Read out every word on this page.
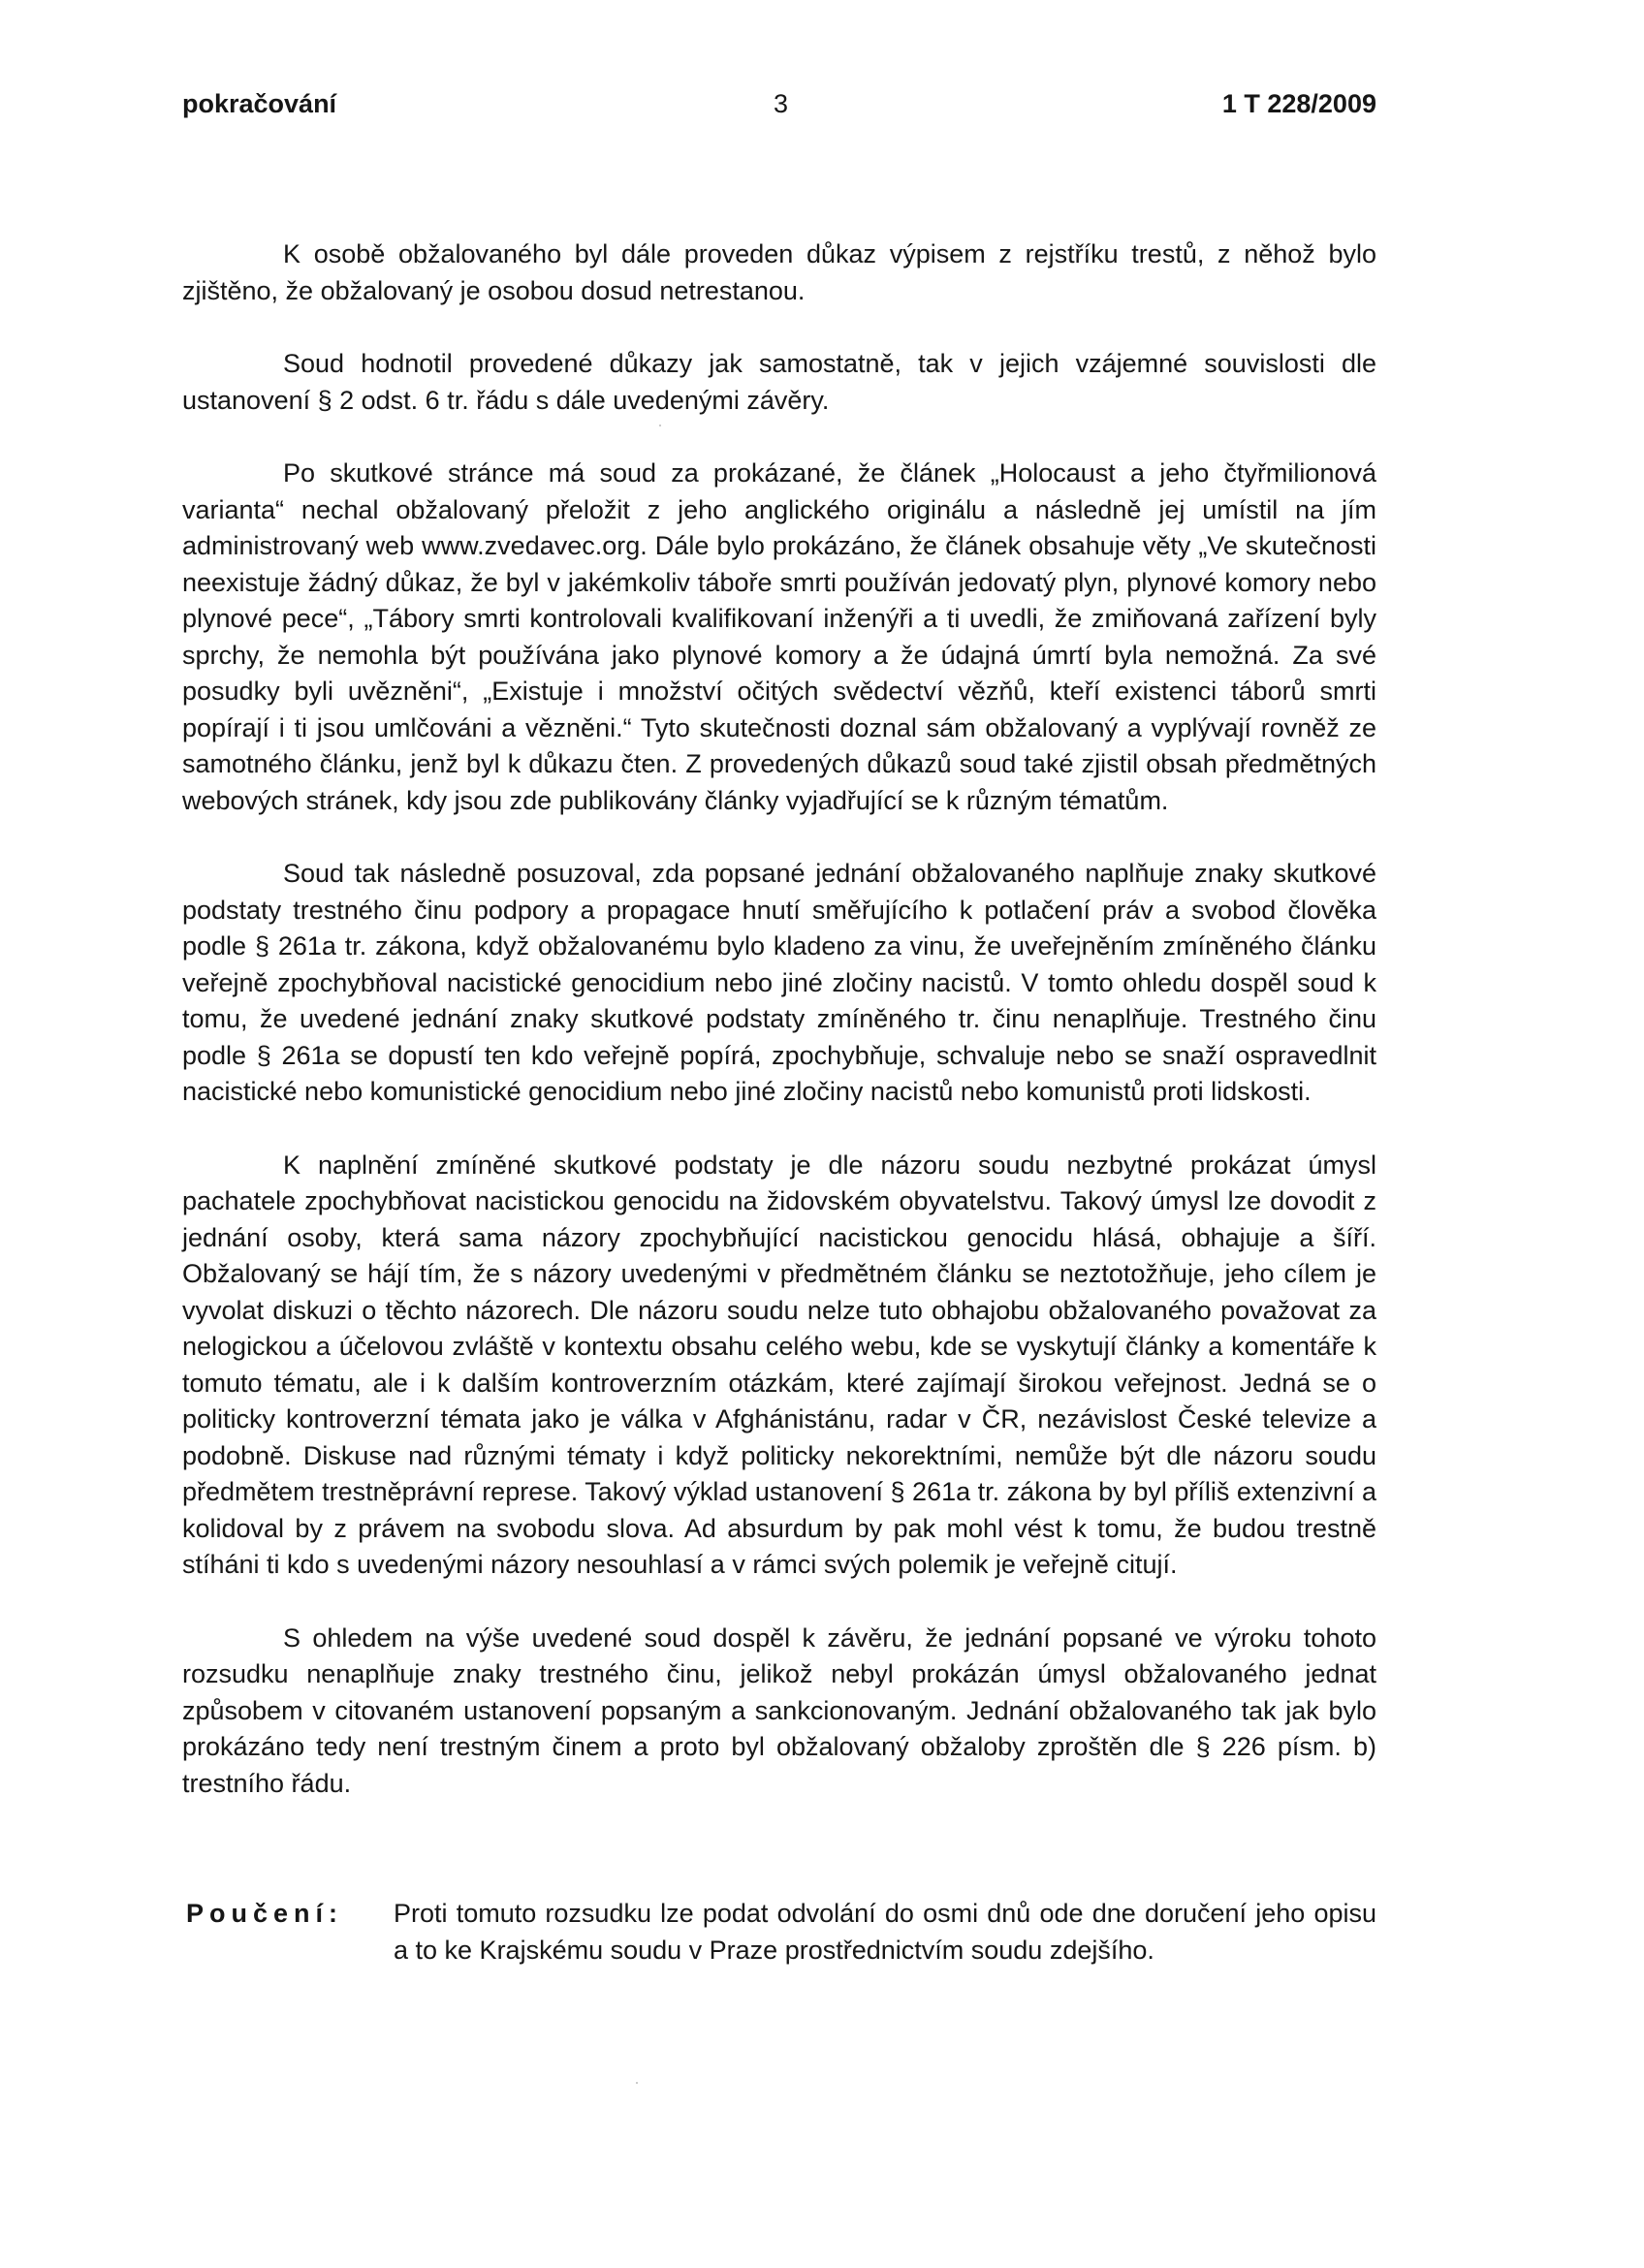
pokračování	3	1 T 228/2009

K osobě obžalovaného byl dále proveden důkaz výpisem z rejstříku trestů, z něhož bylo zjištěno, že obžalovaný je osobou dosud netrestanou.

Soud hodnotil provedené důkazy jak samostatně, tak v jejich vzájemné souvislosti dle ustanovení § 2 odst. 6 tr. řádu s dále uvedenými závěry.

Po skutkové stránce má soud za prokázané, že článek „Holocaust a jeho čtyřmilionová varianta“ nechal obžalovaný přeložit z jeho anglického originálu a následně jej umístil na jím administrovaný web www.zvedavec.org. Dále bylo prokázáno, že článek obsahuje věty „Ve skutečnosti neexistuje žádný důkaz, že byl v jakémkoliv táboře smrti používán jedovatý plyn, plynové komory nebo plynové pece“, „Tábory smrti kontrolovali kvalifikovaní inženýři a ti uvedli, že zmiňovaná zařízení byly sprchy, že nemohla být používána jako plynové komory a že údajná úmrtí byla nemožná. Za své posudky byli uvězněni“, „Existuje i množství očitých svědectví vězňů, kteří existenci táborů smrti popírají i ti jsou umlčováni a vězněni.“ Tyto skutečnosti doznal sám obžalovaný a vyplývají rovněž ze samotného článku, jenž byl k důkazu čten. Z provedených důkazů soud také zjistil obsah předmětných webových stránek, kdy jsou zde publikovány články vyjadřující se k různým tématům.

Soud tak následně posuzoval, zda popsané jednání obžalovaného naplňuje znaky skutkové podstaty trestného činu podpory a propagace hnutí směřujícího k potlačení práv a svobod člověka podle § 261a tr. zákona, když obžalovanému bylo kladeno za vinu, že uveřejněním zmíněného článku veřejně zpochybňoval nacistické genocidium nebo jiné zločiny nacistů. V tomto ohledu dospěl soud k tomu, že uvedené jednání znaky skutkové podstaty zmíněného tr. činu nenaplňuje. Trestného činu podle § 261a se dopustí ten kdo veřejně popírá, zpochybňuje, schvaluje nebo se snaží ospravedlnit nacistické nebo komunistické genocidium nebo jiné zločiny nacistů nebo komunistů proti lidskosti.

K naplnění zmíněné skutkové podstaty je dle názoru soudu nezbytné prokázat úmysl pachatele zpochybňovat nacistickou genocidu na židovském obyvatelstvu. Takový úmysl lze dovodit z jednání osoby, která sama názory zpochybňující nacistickou genocidu hlásá, obhajuje a šíří. Obžalovaný se hájí tím, že s názory uvedenými v předmětném článku se neztotožňuje, jeho cílem je vyvolat diskuzi o těchto názorech. Dle názoru soudu nelze tuto obhajobu obžalovaného považovat za nelogickou a účelovou zvláště v kontextu obsahu celého webu, kde se vyskytují články a komentáře k tomuto tématu, ale i k dalším kontroverzním otázkám, které zajímají širokou veřejnost. Jedná se o politicky kontroverzní témata jako je válka v Afghánistánu, radar v ČR, nezávislost České televize a podobně. Diskuse nad různými tématy i když politicky nekorektními, nemůže být dle názoru soudu předmětem trestněprávní represe. Takový výklad ustanovení § 261a tr. zákona by byl příliš extenzivní a kolidoval by z právem na svobodu slova. Ad absurdum by pak mohl vést k tomu, že budou trestně stíháni ti kdo s uvedenými názory nesouhlasí a v rámci svých polemik je veřejně citují.

S ohledem na výše uvedené soud dospěl k závěru, že jednání popsané ve výroku tohoto rozsudku nenaplňuje znaky trestného činu, jelikož nebyl prokázán úmysl obžalovaného jednat způsobem v citovaném ustanovení popsaným a sankcionovaným. Jednání obžalovaného tak jak bylo prokázáno tedy není trestným činem a proto byl obžalovaný obžaloby zproštěn dle § 226 písm. b) trestního řádu.

Poučení: Proti tomuto rozsudku lze podat odvolání do osmi dnů ode dne doručení jeho opisu a to ke Krajskému soudu v Praze prostřednictvím soudu zdejšího.
